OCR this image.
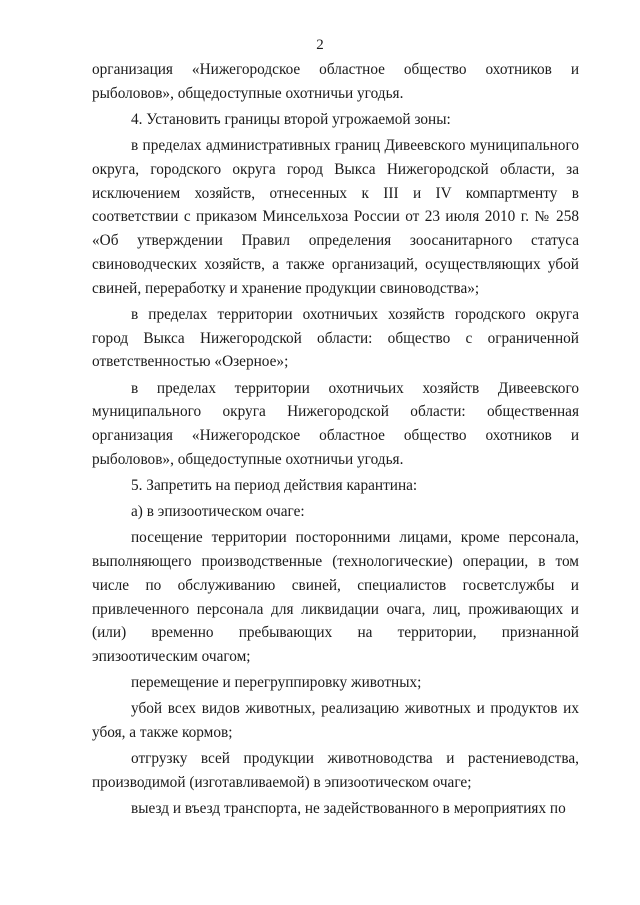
2

организация «Нижегородское областное общество охотников и рыболовов», общедоступные охотничьи угодья.

4. Установить границы второй угрожаемой зоны:

в пределах административных границ Дивеевского муниципального округа, городского округа город Выкса Нижегородской области, за исключением хозяйств, отнесенных к III и IV компартменту в соответствии с приказом Минсельхоза России от 23 июля 2010 г. № 258 «Об утверждении Правил определения зоосанитарного статуса свиноводческих хозяйств, а также организаций, осуществляющих убой свиней, переработку и хранение продукции свиноводства»;

в пределах территории охотничьих хозяйств городского округа город Выкса Нижегородской области: общество с ограниченной ответственностью «Озерное»;

в пределах территории охотничьих хозяйств Дивеевского муниципального округа Нижегородской области: общественная организация «Нижегородское областное общество охотников и рыболовов», общедоступные охотничьи угодья.

5. Запретить на период действия карантина:

а) в эпизоотическом очаге:

посещение территории посторонними лицами, кроме персонала, выполняющего производственные (технологические) операции, в том числе по обслуживанию свиней, специалистов госветслужбы и привлеченного персонала для ликвидации очага, лиц, проживающих и (или) временно пребывающих на территории, признанной эпизоотическим очагом;

перемещение и перегруппировку животных;

убой всех видов животных, реализацию животных и продуктов их убоя, а также кормов;

отгрузку всей продукции животноводства и растениеводства, производимой (изготавливаемой) в эпизоотическом очаге;

выезд и въезд транспорта, не задействованного в мероприятиях по
